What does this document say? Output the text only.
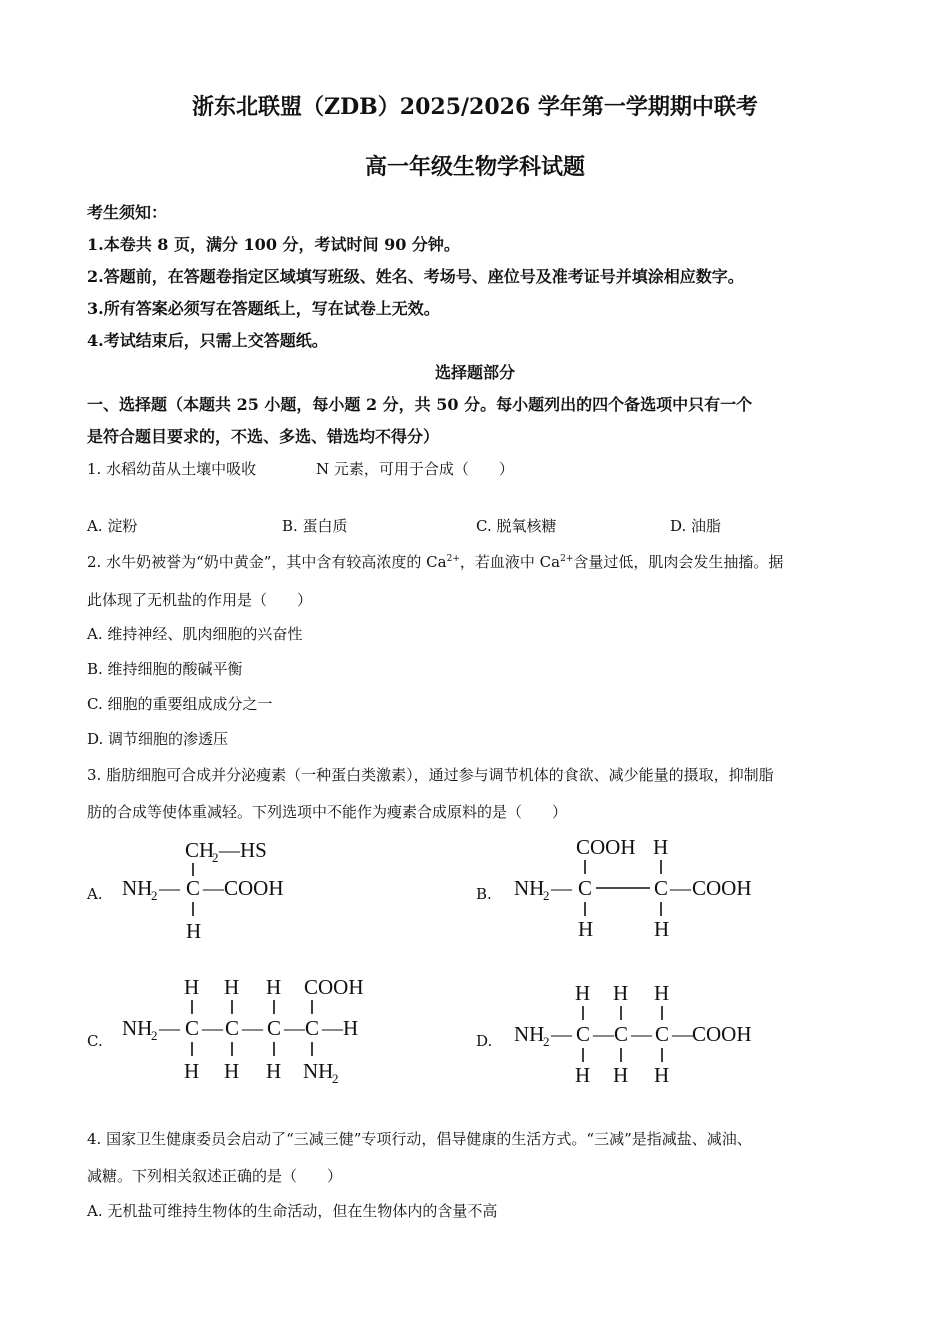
浙东北联盟（ZDB）2025/2026 学年第一学期期中联考
高一年级生物学科试题
考生须知：
1.本卷共 8 页，满分 100 分，考试时间 90 分钟。
2.答题前，在答题卷指定区域填写班级、姓名、考场号、座位号及准考证号并填涂相应数字。
3.所有答案必须写在答题纸上，写在试卷上无效。
4.考试结束后，只需上交答题纸。
选择题部分
一、选择题（本题共 25 小题，每小题 2 分，共 50 分。每小题列出的四个备选项中只有一个
是符合题目要求的，不选、多选、错选均不得分）
1. 水稻幼苗从土壤中吸收	N 元素，可用于合成（　　）
A. 淀粉	B. 蛋白质	C. 脱氧核糖	D. 油脂
2. 水牛奶被誉为“奶中黄金”，其中含有较高浓度的 $Ca^{2+}$，若血液中 $Ca^{2+}$含量过低，肌肉会发生抽搐。据
此体现了无机盐的作用是（　　）
A. 维持神经、肌肉细胞的兴奋性
B. 维持细胞的酸碱平衡
C. 细胞的重要组成成分之一
D. 调节细胞的渗透压
3. 脂肪细胞可合成并分泌瘦素（一种蛋白类激素），通过参与调节机体的食欲、减少能量的摄取，抑制脂
肪的合成等使体重减轻。下列选项中不能作为瘦素合成原料的是（　　）
A.	B.
C.	D.
CH
2 —HS
NH
2 — C — COOH
H
COOH H
NH
2 — C	C — COOH
H	H
H H H COOH
NH
2 — C — C — C — C — H
H H H NH
2
H H H
NH
2 — C — C — C — COOH
H H H
4. 国家卫生健康委员会启动了“三减三健”专项行动，倡导健康的生活方式。“三减”是指减盐、减油、
减糖。下列相关叙述正确的是（　　）
A. 无机盐可维持生物体的生命活动，但在生物体内的含量不高
